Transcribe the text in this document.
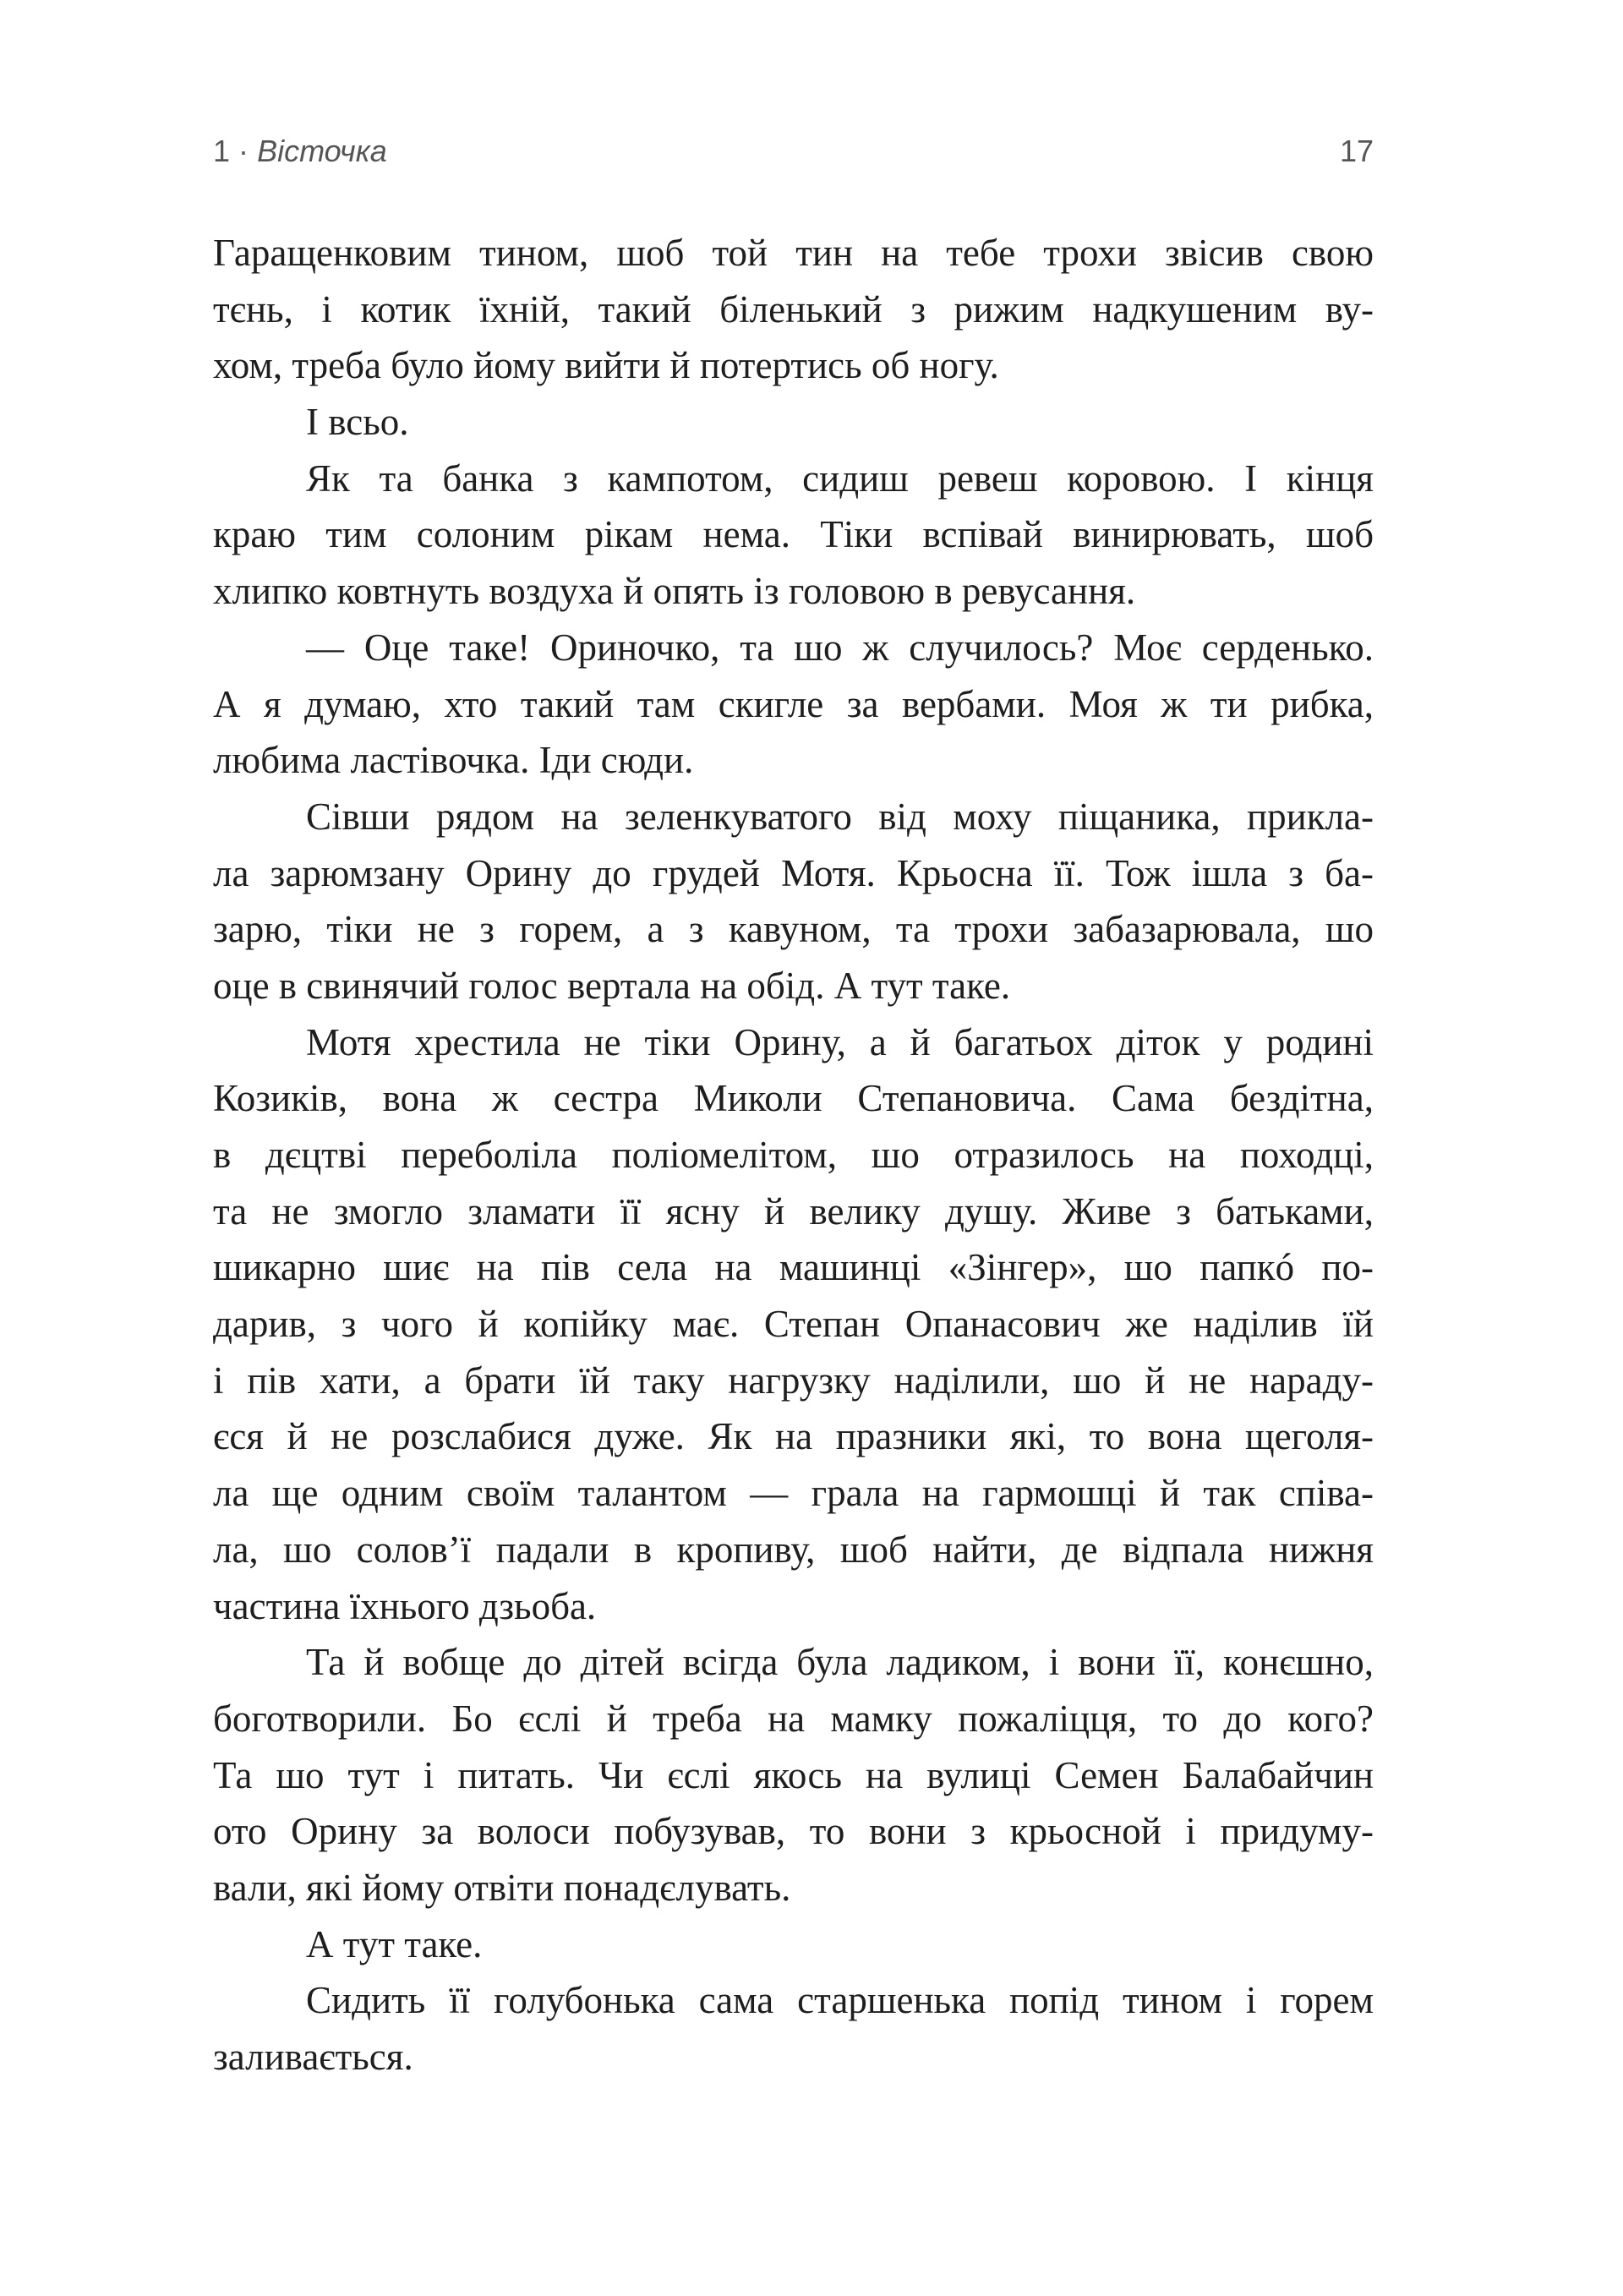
1 · Вісточка	17
Гаращенковим тином, шоб той тин на тебе трохи звісив свою
тєнь, і котик їхній, такий біленький з рижим надкушеним ву-
хом, треба було йому вийти й потертись об ногу.
І всьо.
Як та банка з кампотом, сидиш ревеш коровою. І кінця
краю тим солоним рікам нема. Тіки вспівай винирювать, шоб
хлипко ковтнуть воздуха й опять із головою в ревусання.
— Оце таке! Ориночко, та шо ж случилось? Моє серденько.
А я думаю, хто такий там скигле за вербами. Моя ж ти рибка,
любима ластівочка. Іди сюди.
Сівши рядом на зеленкуватого від моху піщаника, прикла-
ла зарюмзану Орину до грудей Мотя. Крьосна її. Тож ішла з ба-
зарю, тіки не з горем, а з кавуном, та трохи забазарювала, шо
оце в свинячий голос вертала на обід. А тут таке.
Мотя хрестила не тіки Орину, а й багатьох діток у родині
Козиків, вона ж сестра Миколи Степановича. Сама бездітна,
в дєцтві переболіла поліомелітом, шо отразилось на походці,
та не змогло зламати її ясну й велику душу. Живе з батьками,
шикарно шиє на пів села на машинці «Зінгер», шо папкó по-
дарив, з чого й копійку має. Степан Опанасович же наділив їй
і пів хати, а брати їй таку нагрузку наділили, шо й не нараду-
єся й не розслабися дуже. Як на празники які, то вона щеголя-
ла ще одним своїм талантом — грала на гармошці й так співа-
ла, шо солов’ї падали в кропиву, шоб найти, де відпала нижня
частина їхнього дзьоба.
Та й вобще до дітей всігда була ладиком, і вони її, конєшно,
боготворили. Бо єслі й треба на мамку пожаліцця, то до кого?
Та шо тут і питать. Чи єслі якось на вулиці Семен Балабайчин
ото Орину за волоси побузував, то вони з крьосной і придуму-
вали, які йому отвіти понадєлувать.
А тут таке.
Сидить її голубонька сама старшенька попід тином і горем
заливається.
